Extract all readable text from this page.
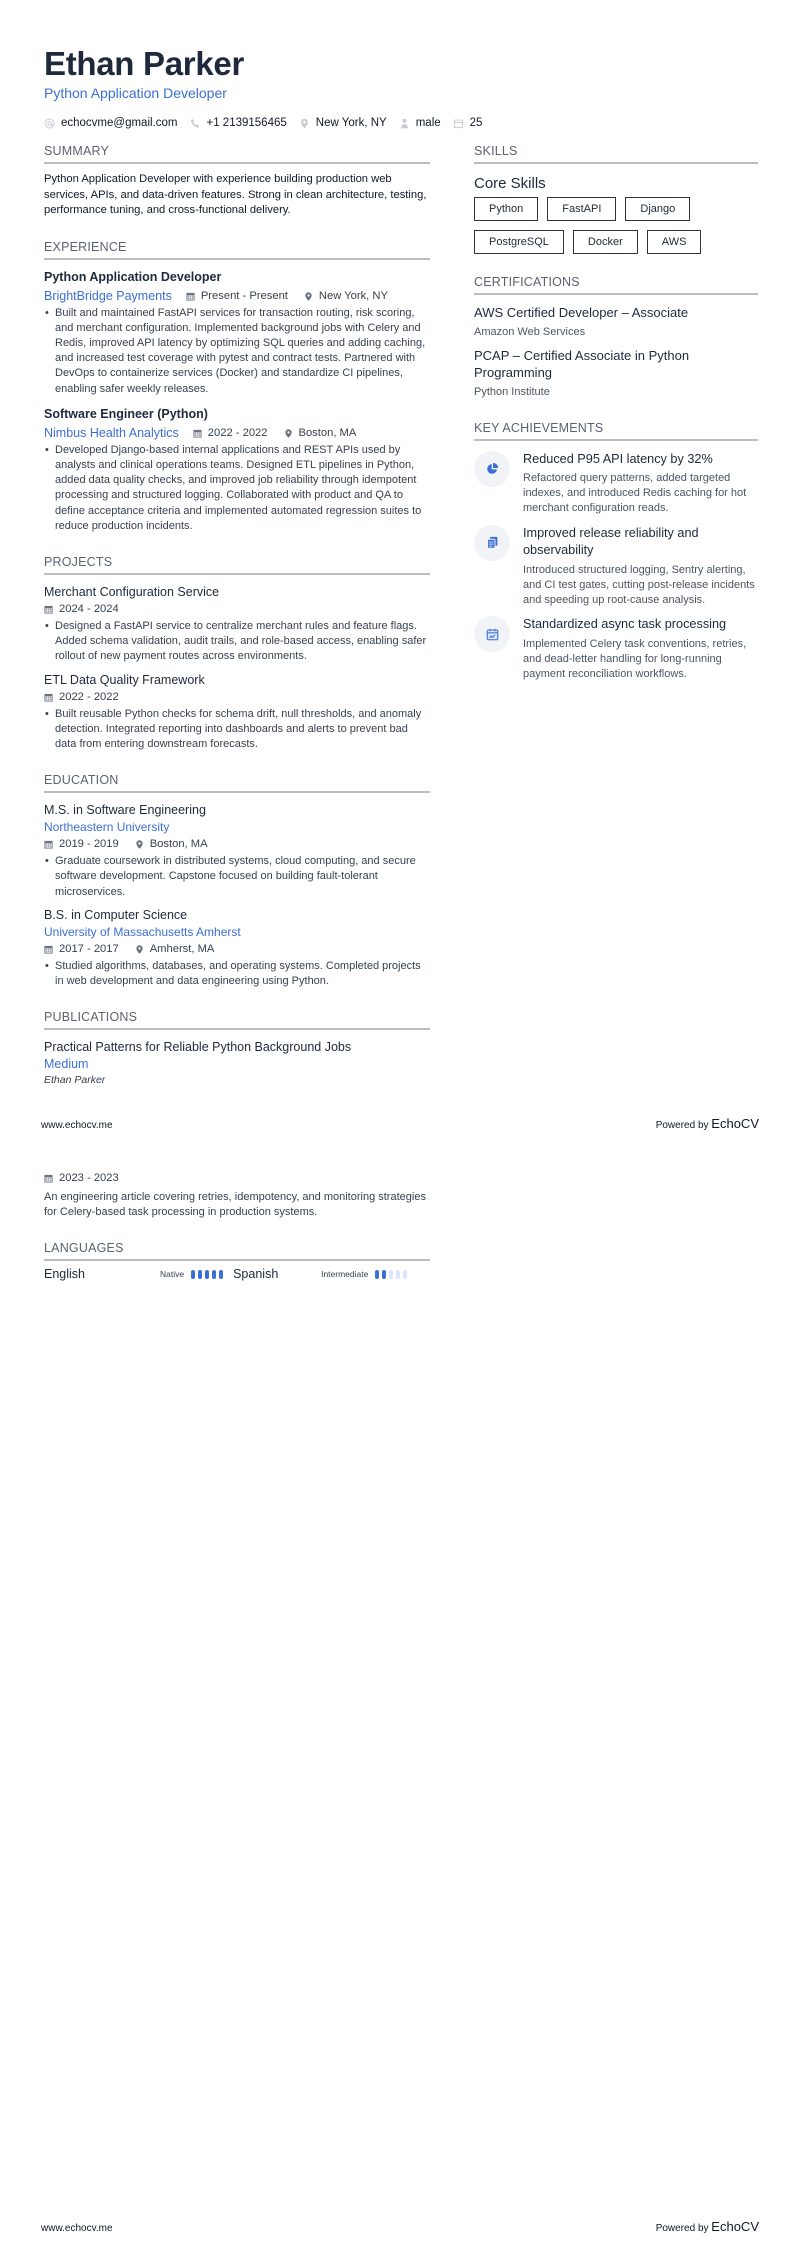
Ethan Parker
Python Application Developer
echocvme@gmail.com	+1 2139156465	New York, NY	male	25
SUMMARY

Python Application Developer with experience building production web services, APIs, and data-driven features. Strong in clean architecture, testing, performance tuning, and cross-functional delivery.

EXPERIENCE
Python Application Developer
BrightBridge Payments	Present - Present	New York, NY
• Built and maintained FastAPI services for transaction routing, risk scoring, and merchant configuration. Implemented background jobs with Celery and Redis, improved API latency by optimizing SQL queries and adding caching, and increased test coverage with pytest and contract tests. Partnered with DevOps to containerize services (Docker) and standardize CI pipelines, enabling safer weekly releases.
Software Engineer (Python)
Nimbus Health Analytics	2022 - 2022	Boston, MA
• Developed Django-based internal applications and REST APIs used by analysts and clinical operations teams. Designed ETL pipelines in Python, added data quality checks, and improved job reliability through idempotent processing and structured logging. Collaborated with product and QA to define acceptance criteria and implemented automated regression suites to reduce production incidents.
PROJECTS
Merchant Configuration Service
2024 - 2024
• Designed a FastAPI service to centralize merchant rules and feature flags. Added schema validation, audit trails, and role-based access, enabling safer rollout of new payment routes across environments.
ETL Data Quality Framework
2022 - 2022
• Built reusable Python checks for schema drift, null thresholds, and anomaly detection. Integrated reporting into dashboards and alerts to prevent bad data from entering downstream forecasts.
EDUCATION
M.S. in Software Engineering
Northeastern University
2019 - 2019	Boston, MA
• Graduate coursework in distributed systems, cloud computing, and secure software development. Capstone focused on building fault-tolerant microservices.
B.S. in Computer Science
University of Massachusetts Amherst
2017 - 2017	Amherst, MA
• Studied algorithms, databases, and operating systems. Completed projects in web development and data engineering using Python.
PUBLICATIONS
Practical Patterns for Reliable Python Background Jobs
Medium
Ethan Parker
SKILLS
Core Skills
Python	FastAPI	Django
PostgreSQL	Docker	AWS
CERTIFICATIONS
AWS Certified Developer – Associate
Amazon Web Services
PCAP – Certified Associate in Python Programming
Python Institute
KEY ACHIEVEMENTS
Reduced P95 API latency by 32%
Refactored query patterns, added targeted indexes, and introduced Redis caching for hot merchant configuration reads.
Improved release reliability and observability
Introduced structured logging, Sentry alerting, and CI test gates, cutting post-release incidents and speeding up root-cause analysis.
Standardized async task processing
Implemented Celery task conventions, retries, and dead-letter handling for long-running payment reconciliation workflows.
www.echocv.me	Powered by EchoCV
2023 - 2023

An engineering article covering retries, idempotency, and monitoring strategies for Celery-based task processing in production systems.

LANGUAGES
English	Native	Spanish	Intermediate
www.echocv.me	Powered by EchoCV
